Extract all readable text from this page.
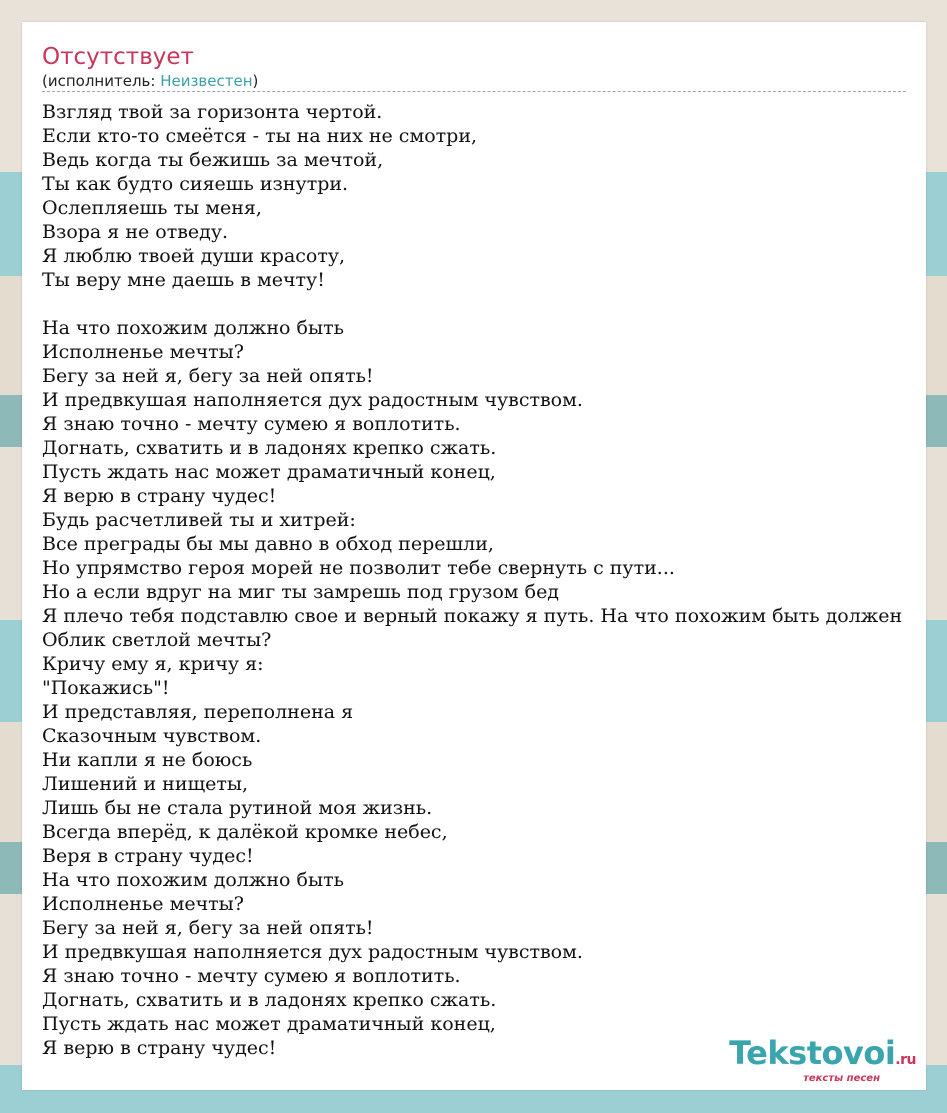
Отсутствует
(исполнитель: Неизвестен)
Взгляд твой за горизонта чертой.
Если кто-то смеётся - ты на них не смотри,
Ведь когда ты бежишь за мечтой,
Ты как будто сияешь изнутри.
Ослепляешь ты меня,
Взора я не отведу.
Я люблю твоей души красоту,
Ты веру мне даешь в мечту!

На что похожим должно быть
Исполненье мечты?
Бегу за ней я, бегу за ней опять!
И предвкушая наполняется дух радостным чувством.
Я знаю точно - мечту сумею я воплотить.
Догнать, схватить и в ладонях крепко сжать.
Пусть ждать нас может драматичный конец,
Я верю в страну чудес!
Будь расчетливей ты и хитрей:
Все преграды бы мы давно в обход перешли,
Но упрямство героя морей не позволит тебе свернуть с пути...
Но а если вдруг на миг ты замрешь под грузом бед
Я плечо тебя подставлю свое и верный покажу я путь. На что похожим быть должен
Облик светлой мечты?
Кричу ему я, кричу я:
"Покажись"!
И представляя, переполнена я
Сказочным чувством.
Ни капли я не боюсь
Лишений и нищеты,
Лишь бы не стала рутиной моя жизнь.
Всегда вперёд, к далёкой кромке небес,
Веря в страну чудес!
На что похожим должно быть
Исполненье мечты?
Бегу за ней я, бегу за ней опять!
И предвкушая наполняется дух радостным чувством.
Я знаю точно - мечту сумею я воплотить.
Догнать, схватить и в ладонях крепко сжать.
Пусть ждать нас может драматичный конец,
Я верю в страну чудес!	Tekstovoi.ru
тексты песен
